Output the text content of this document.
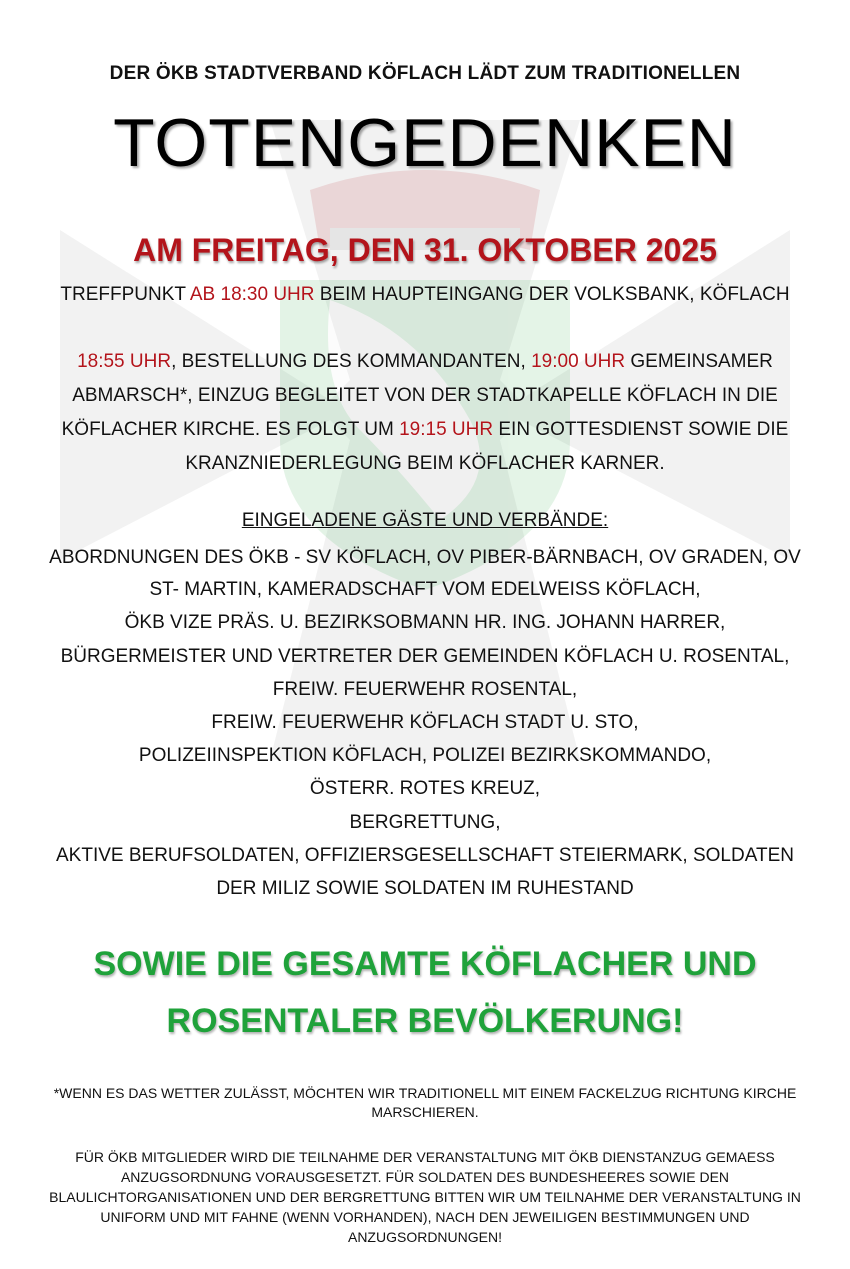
DER ÖKB STADTVERBAND KÖFLACH LÄDT ZUM TRADITIONELLEN
TOTENGEDENKEN
AM FREITAG, DEN 31. OKTOBER 2025
TREFFPUNKT AB 18:30 UHR BEIM HAUPTEINGANG DER VOLKSBANK, KÖFLACH
18:55 UHR, BESTELLUNG DES KOMMANDANTEN, 19:00 UHR GEMEINSAMER
ABMARSCH*, EINZUG BEGLEITET VON DER STADTKAPELLE KÖFLACH IN DIE
KÖFLACHER KIRCHE. ES FOLGT UM 19:15 UHR EIN GOTTESDIENST SOWIE DIE
KRANZNIEDERLEGUNG BEIM KÖFLACHER KARNER.
EINGELADENE GÄSTE UND VERBÄNDE:
ABORDNUNGEN DES ÖKB - SV KÖFLACH, OV PIBER-BÄRNBACH, OV GRADEN, OV
ST- MARTIN, KAMERADSCHAFT VOM EDELWEISS KÖFLACH,
ÖKB VIZE PRÄS. U. BEZIRKSOBMANN HR. ING. JOHANN HARRER,
BÜRGERMEISTER UND VERTRETER DER GEMEINDEN KÖFLACH U. ROSENTAL,
FREIW. FEUERWEHR ROSENTAL,
FREIW. FEUERWEHR KÖFLACH STADT U. STO,
POLIZEIINSPEKTION KÖFLACH, POLIZEI BEZIRKSKOMMANDO,
ÖSTERR. ROTES KREUZ,
BERGRETTUNG,
AKTIVE BERUFSOLDATEN, OFFIZIERSGESELLSCHAFT STEIERMARK, SOLDATEN
DER MILIZ SOWIE SOLDATEN IM RUHESTAND
SOWIE DIE GESAMTE KÖFLACHER UND
ROSENTALER BEVÖLKERUNG!
*WENN ES DAS WETTER ZULÄSST, MÖCHTEN WIR TRADITIONELL MIT EINEM FACKELZUG RICHTUNG KIRCHE
MARSCHIEREN.
FÜR ÖKB MITGLIEDER WIRD DIE TEILNAHME DER VERANSTALTUNG MIT ÖKB DIENSTANZUG GEMAESS
ANZUGSORDNUNG VORAUSGESETZT. FÜR SOLDATEN DES BUNDESHEERES SOWIE DEN
BLAULICHTORGANISATIONEN UND DER BERGRETTUNG BITTEN WIR UM TEILNAHME DER VERANSTALTUNG IN
UNIFORM UND MIT FAHNE (WENN VORHANDEN), NACH DEN JEWEILIGEN BESTIMMUNGEN UND
ANZUGSORDNUNGEN!
